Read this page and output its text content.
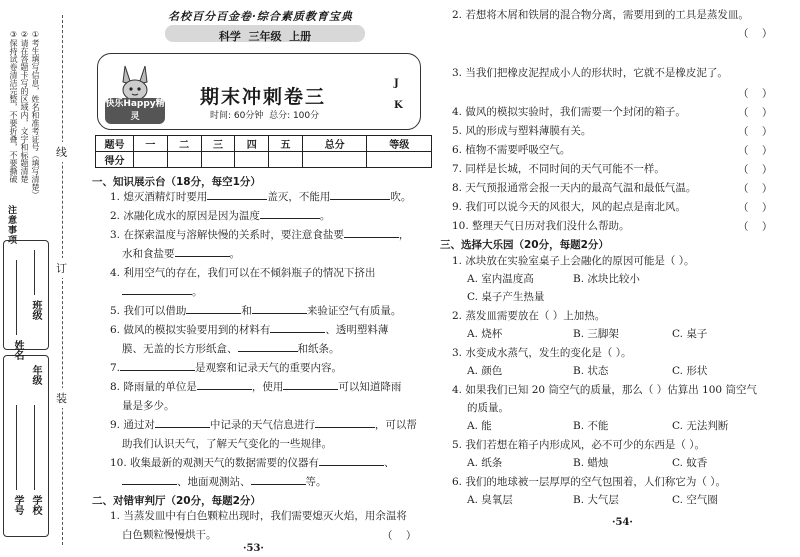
注意事项
①考生填写信息，姓名和准考证号（填写清楚）
②请在答题卡写的区域内，文字和标题清楚
③保持试卷清洁完整，不要折叠，不要撕破
学校
学号
年级
姓名
班级
线
订
装
名校百分百金卷·综合素质教育宝典
科学  三年级  上册
快乐Happy精灵
期末冲刺卷三
时间: 60分钟  总分: 100分
J
K
题号	一	二	三	四	五	总分	等级
得分							
一、知识展示台（18分，每空1分）
1. 熄灭酒精灯时要用	盖灭，不能用	吹。
2. 冰融化成水的原因是因为温度	。
3. 在探索温度与溶解快慢的关系时，要注意食盐要	，
水和食盐要	。
4. 利用空气的存在，我们可以在不倾斜瓶子的情况下挤出
。
5. 我们可以借助	和	来验证空气有质量。
6. 做风的模拟实验要用到的材料有	、透明塑料薄
膜、无盖的长方形纸盒、	和纸条。
7.	是观察和记录天气的重要内容。
8. 降雨量的单位是	，使用	可以知道降雨
量是多少。
9. 通过对	中记录的天气信息进行	，可以帮
助我们认识天气，了解天气变化的一些规律。
10. 收集最新的观测天气的数据需要的仪器有	、
、地面观测站、	等。
二、对错审判厅（20分，每题2分）
1. 当蒸发皿中有白色颗粒出现时，我们需要熄灭火焰，用余温将
白色颗粒慢慢烘干。	（    ）
·53·
2. 若想将木屑和铁屑的混合物分离，需要用到的工具是蒸发皿。
（    ）
3. 当我们把橡皮泥捏成小人的形状时，它就不是橡皮泥了。
（    ）
4. 做风的模拟实验时，我们需要一个封闭的箱子。	（    ）
5. 风的形成与塑料薄膜有关。	（    ）
6. 植物不需要呼吸空气。	（    ）
7. 同样是长城，不同时间的天气可能不一样。	（    ）
8. 天气预报通常会报一天内的最高气温和最低气温。	（    ）
9. 我们可以说今天的风很大，风的起点是南北风。	（    ）
10. 整理天气日历对我们没什么帮助。	（    ）
三、选择大乐园（20分，每题2分）
1. 冰块放在实验室桌子上会融化的原因可能是（ ）。
A. 室内温度高	B. 冰块比较小
C. 桌子产生热量
2. 蒸发皿需要放在（ ）上加热。
A. 烧杯	B. 三脚架	C. 桌子
3. 水变成水蒸气，发生的变化是（ ）。
A. 颜色	B. 状态	C. 形状
4. 如果我们已知 20 筒空气的质量，那么（ ）估算出 100 筒空气
的质量。
A. 能	B. 不能	C. 无法判断
5. 我们若想在箱子内形成风，必不可少的东西是（ ）。
A. 纸条	B. 蜡烛	C. 蚊香
6. 我们的地球被一层厚厚的空气包围着，人们称它为（ ）。
A. 臭氧层	B. 大气层	C. 空气圈
·54·
